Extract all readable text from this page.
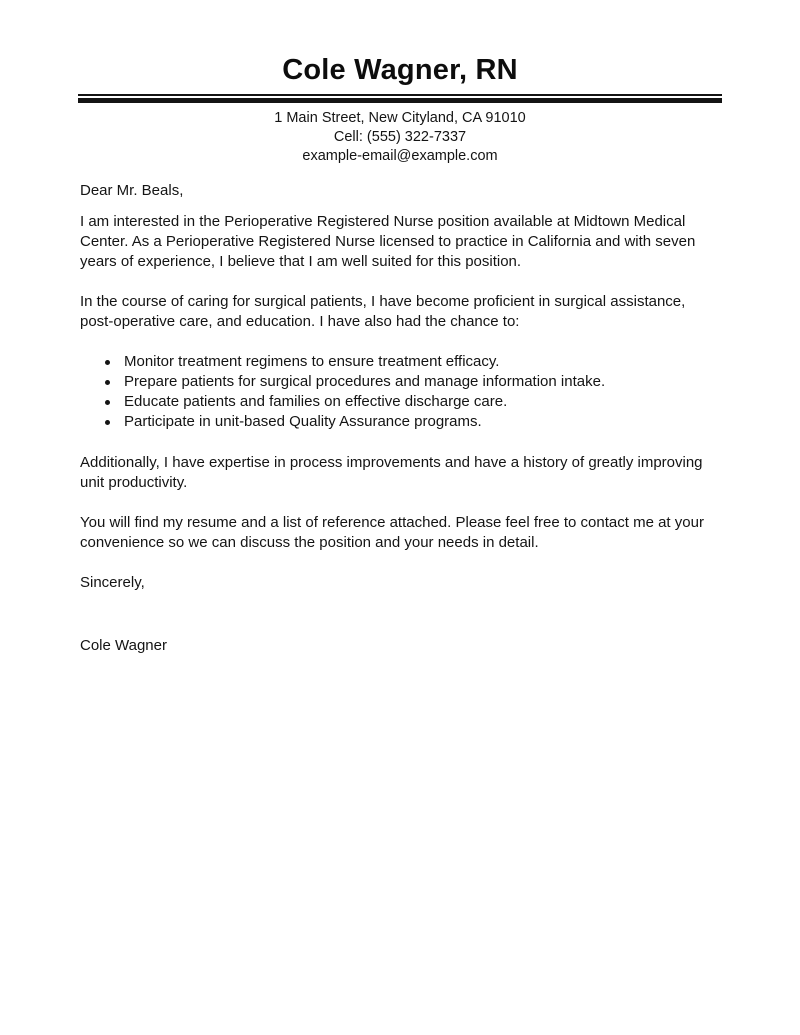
Cole Wagner, RN
1 Main Street, New Cityland, CA 91010
Cell: (555) 322-7337
example-email@example.com

Dear Mr. Beals,

I am interested in the Perioperative Registered Nurse position available at Midtown Medical Center. As a Perioperative Registered Nurse licensed to practice in California and with seven years of experience, I believe that I am well suited for this position.

In the course of caring for surgical patients, I have become proficient in surgical assistance, post-operative care, and education. I have also had the chance to:

Monitor treatment regimens to ensure treatment efficacy.
Prepare patients for surgical procedures and manage information intake.
Educate patients and families on effective discharge care.
Participate in unit-based Quality Assurance programs.

Additionally, I have expertise in process improvements and have a history of greatly improving unit productivity.

You will find my resume and a list of reference attached. Please feel free to contact me at your convenience so we can discuss the position and your needs in detail.

Sincerely,

Cole Wagner
